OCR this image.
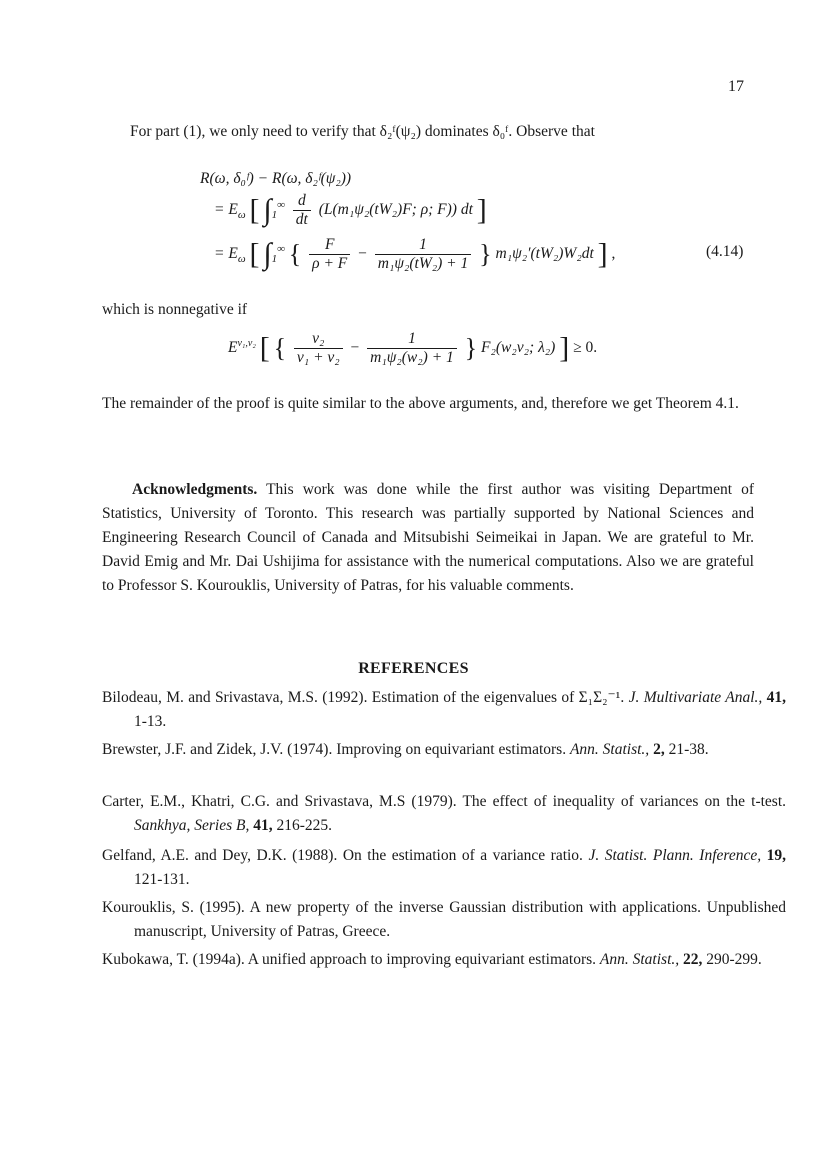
17
For part (1), we only need to verify that δ₂ᶠ(ψ₂) dominates δ₀ᶠ. Observe that
R(ω, δ₀ᶠ) − R(ω, δ₂ᶠ(ψ₂))
= $E_\omega$ [ $\int_1^\infty \frac{d}{dt} (L(m_1\psi_2(tW_2)F$; ρ; F)) dt ]
= $E_\omega$ [ $\int_1^\infty$ { $\frac{F}{\rho + F} - \frac{1}{\text{m₁ψ₂(tW₂) + 1}}$ } m₁ψ₂′(tW₂)W₂dt ] ,	(4.14)
which is nonnegative if
$E^{v_1,v_2}$ [ { $\frac{\text{v₂}}{\text{v₁ + v₂}} - \frac{1}{\text{m₁ψ₂(w₂) + 1}}$ } F₂(w₂v₂; λ₂) ] ≥ 0.
The remainder of the proof is quite similar to the above arguments, and, therefore we get Theorem 4.1.
Acknowledgments. This work was done while the first author was visiting Department of Statistics, University of Toronto. This research was partially supported by National Sciences and Engineering Research Council of Canada and Mitsubishi Seimeikai in Japan. We are grateful to Mr. David Emig and Mr. Dai Ushijima for assistance with the numerical computations. Also we are grateful to Professor S. Kourouklis, University of Patras, for his valuable comments.
REFERENCES
Bilodeau, M. and Srivastava, M.S. (1992). Estimation of the eigenvalues of Σ₁Σ₂⁻¹. J. Multivariate Anal., 41, 1-13.
Brewster, J.F. and Zidek, J.V. (1974). Improving on equivariant estimators. Ann. Statist., 2, 21-38.
Carter, E.M., Khatri, C.G. and Srivastava, M.S (1979). The effect of inequality of variances on the t-test. Sankhya, Series B, 41, 216-225.
Gelfand, A.E. and Dey, D.K. (1988). On the estimation of a variance ratio. J. Statist. Plann. Inference, 19, 121-131.
Kourouklis, S. (1995). A new property of the inverse Gaussian distribution with applications. Unpublished manuscript, University of Patras, Greece.
Kubokawa, T. (1994a). A unified approach to improving equivariant estimators. Ann. Statist., 22, 290-299.
